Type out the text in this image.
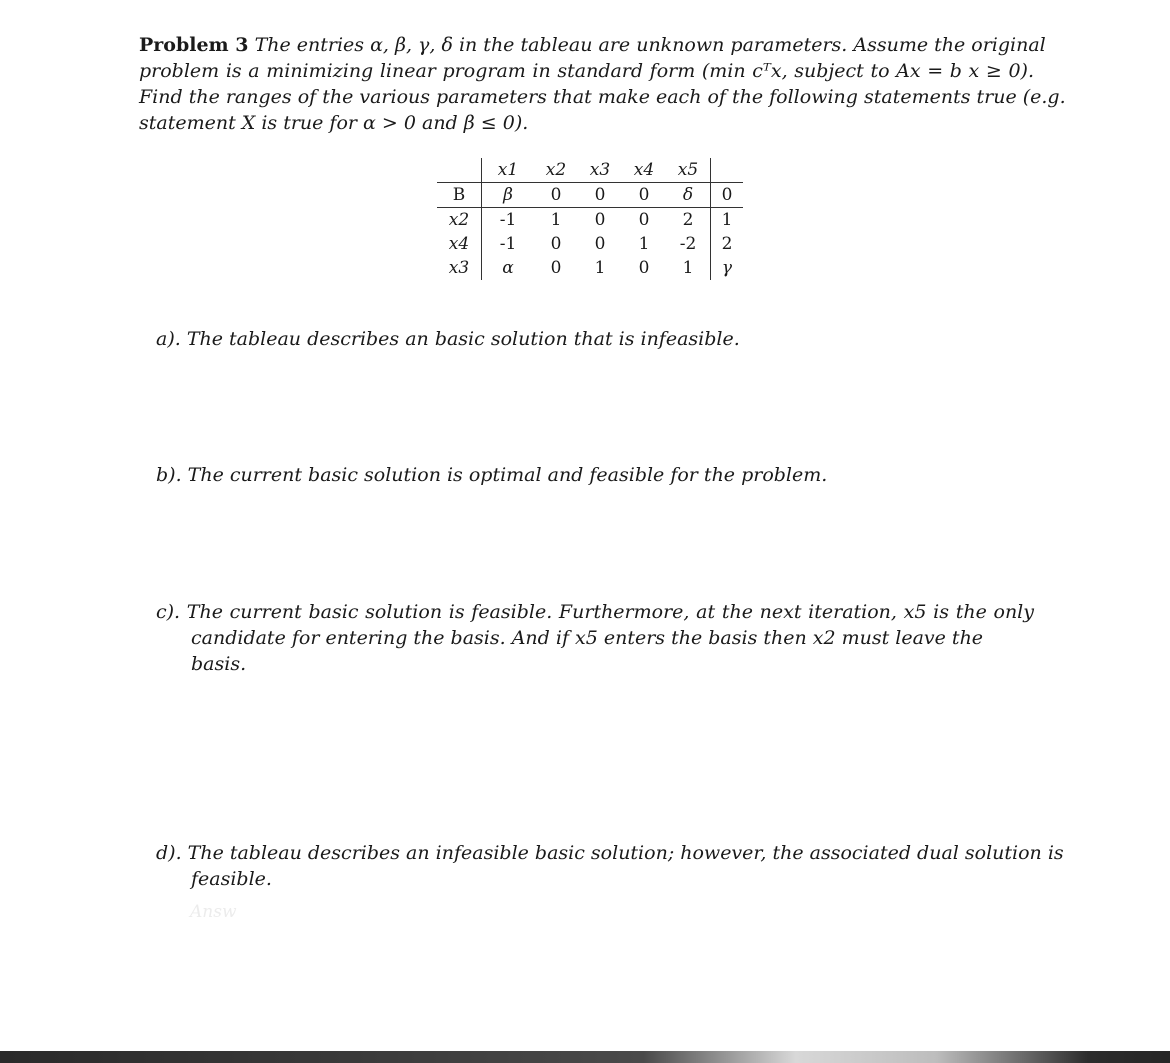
Problem 3 The entries α, β, γ, δ in the tableau are unknown parameters. Assume the original
problem is a minimizing linear program in standard form (min cᵀx, subject to Ax = b x ≥ 0).
Find the ranges of the various parameters that make each of the following statements true (e.g.
statement X is true for α > 0 and β ≤ 0).
	x1	x2	x3	x4	x5	
B	β	0	0	0	δ	0
x2	-1	1	0	0	2	1
x4	-1	0	0	1	-2	2
x3	α	0	1	0	1	γ
a). The tableau describes an basic solution that is infeasible.
b). The current basic solution is optimal and feasible for the problem.
c). The current basic solution is feasible. Furthermore, at the next iteration, x5 is the only
candidate for entering the basis. And if x5 enters the basis then x2 must leave the basis.
d). The tableau describes an infeasible basic solution; however, the associated dual solution is
feasible.
Answ
